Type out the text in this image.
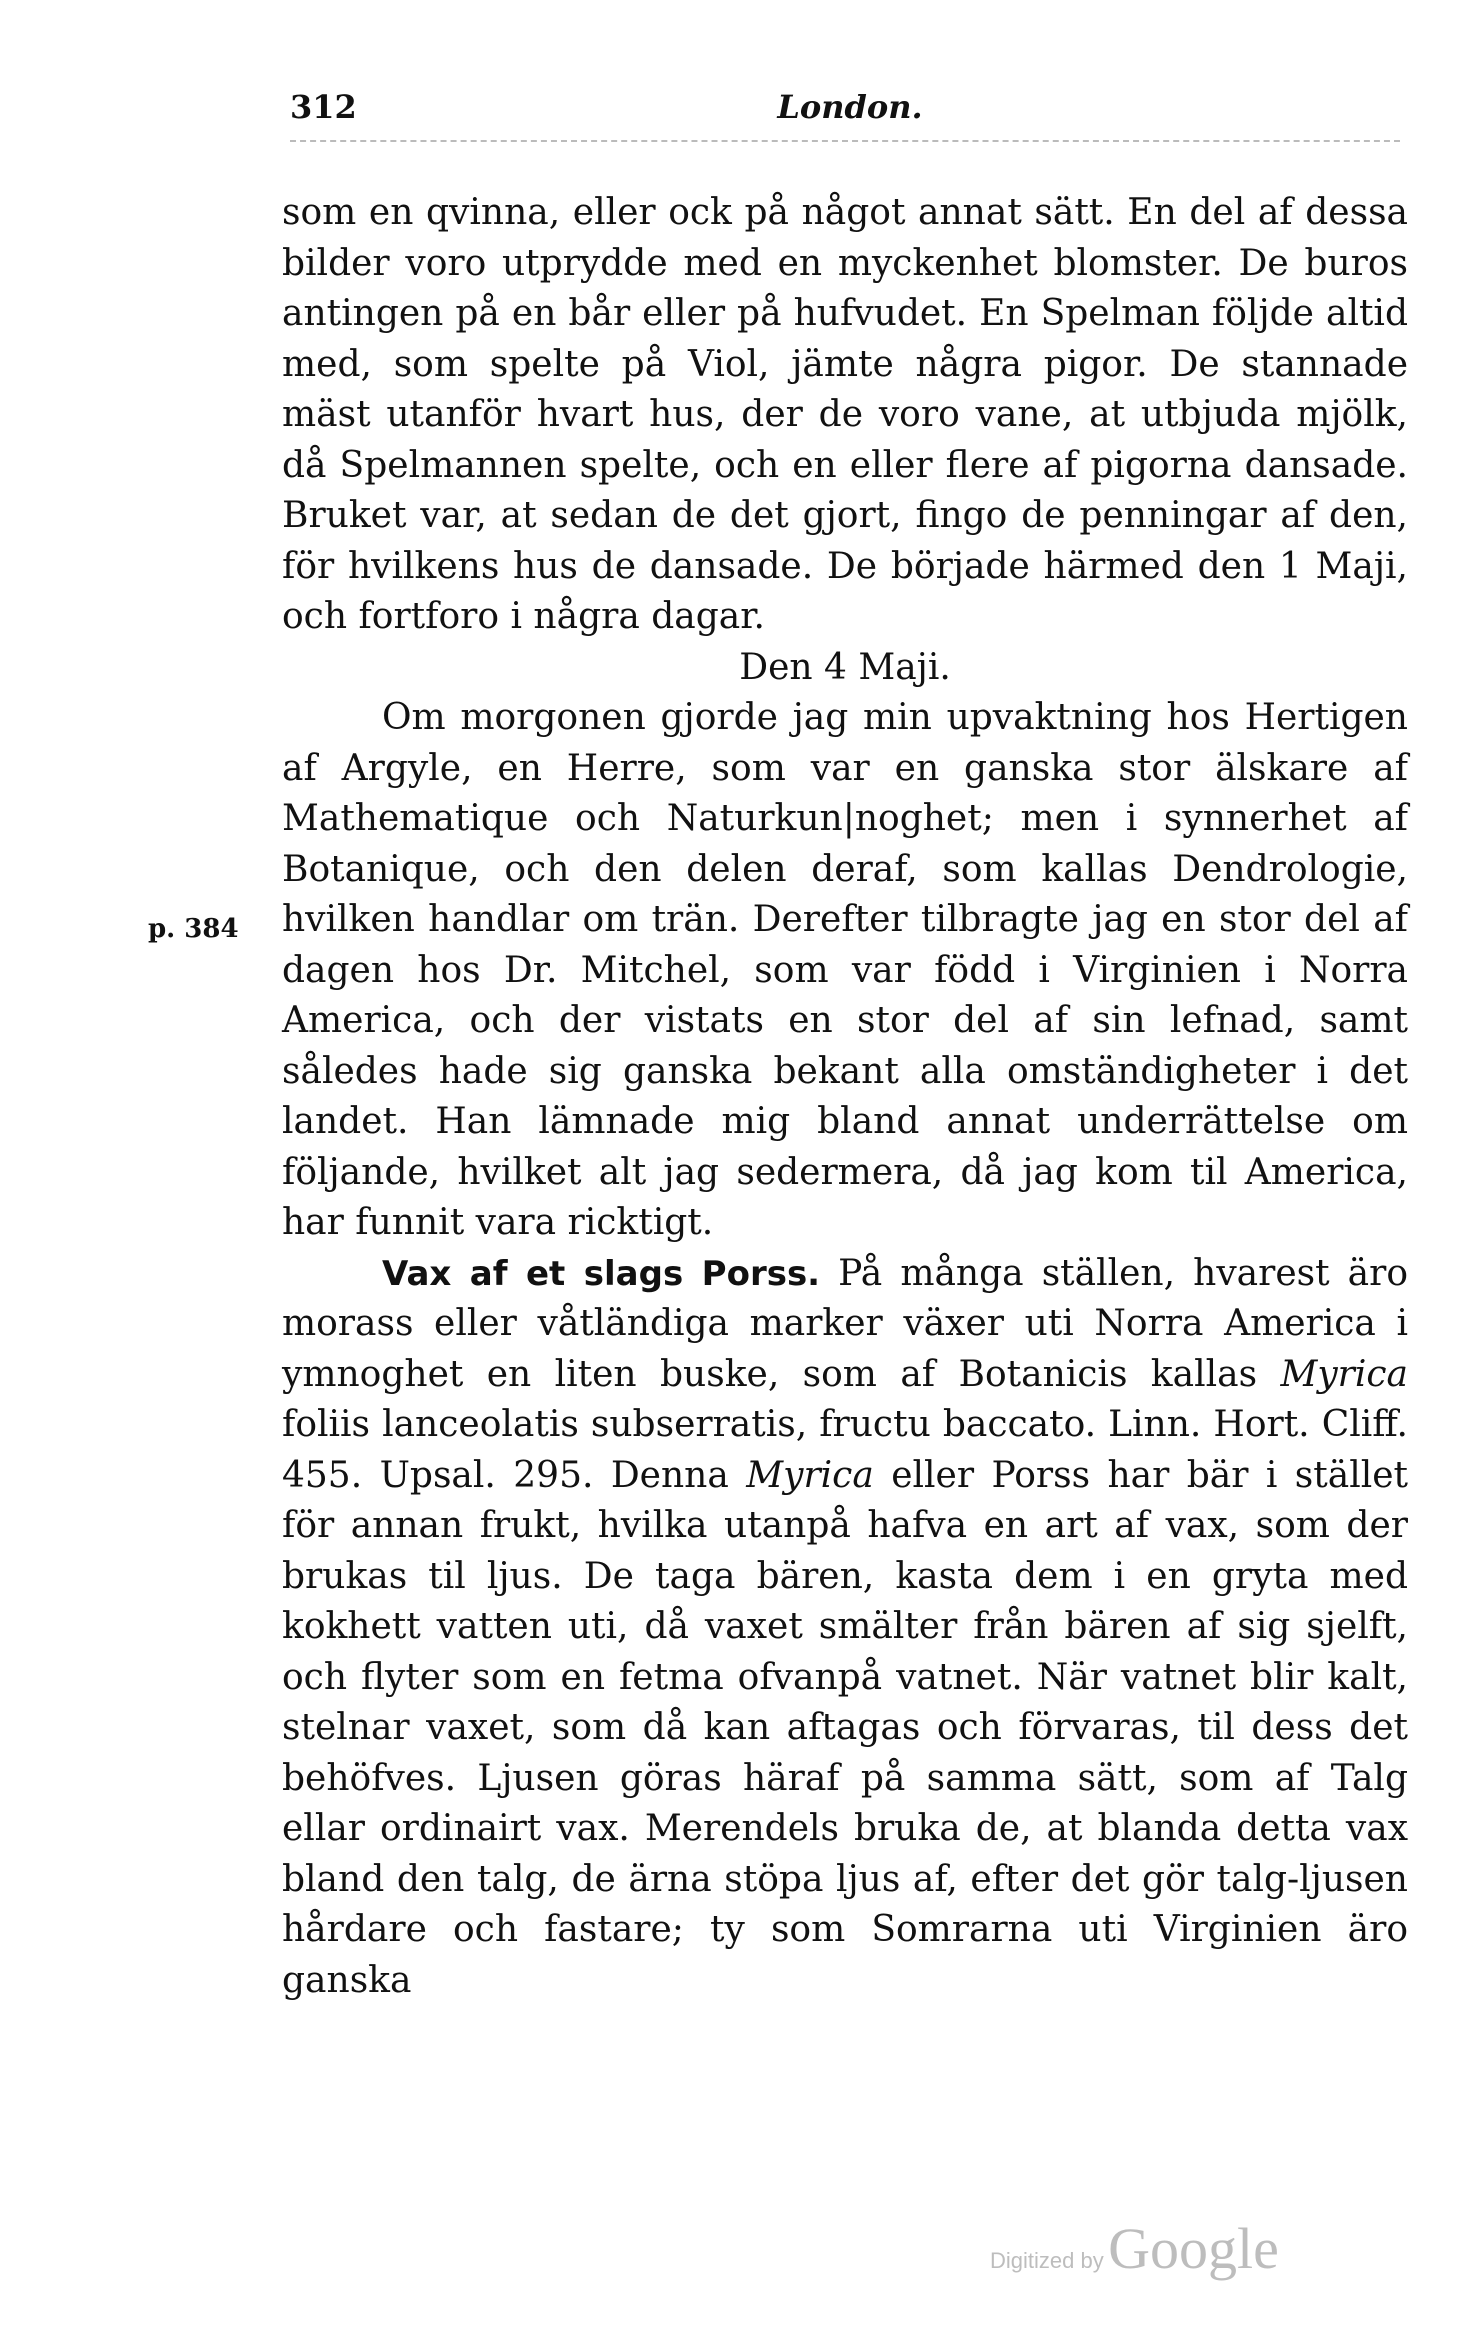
312	London.
p. 384

som en qvinna, eller ock på något annat sätt. En del af dessa bilder voro utprydde med en myckenhet blomster. De buros antingen på en bår eller på hufvudet. En Spelman följde altid med, som spelte på Viol, jämte några pigor. De stannade mäst utanför hvart hus, der de voro vane, at utbjuda mjölk, då Spelmannen spelte, och en eller flere af pigorna dansade. Bruket var, at sedan de det gjort, fingo de penningar af den, för hvilkens hus de dansade. De började härmed den 1 Maji, och fortforo i några dagar.

Den 4 Maji.

Om morgonen gjorde jag min upvaktning hos Hertigen af Argyle, en Herre, som var en ganska stor älskare af Mathematique och Naturkun|noghet; men i synnerhet af Botanique, och den delen deraf, som kallas Dendrologie, hvilken handlar om trän. Derefter tilbragte jag en stor del af dagen hos Dr. Mitchel, som var född i Virginien i Norra America, och der vistats en stor del af sin lefnad, samt således hade sig ganska bekant alla omständigheter i det landet. Han lämnade mig bland annat underrättelse om följande, hvilket alt jag sedermera, då jag kom til America, har funnit vara ricktigt.

Vax af et slags Porss. På många ställen, hvarest äro morass eller våtländiga marker växer uti Norra America i ymnoghet en liten buske, som af Botanicis kallas Myrica foliis lanceolatis subserratis, fructu baccato. Linn. Hort. Cliff. 455. Upsal. 295. Denna Myrica eller Porss har bär i stället för annan frukt, hvilka utanpå hafva en art af vax, som der brukas til ljus. De taga bären, kasta dem i en gryta med kokhett vatten uti, då vaxet smälter från bären af sig sjelft, och flyter som en fetma ofvanpå vatnet. När vatnet blir kalt, stelnar vaxet, som då kan aftagas och förvaras, til dess det behöfves. Ljusen göras häraf på samma sätt, som af Talg ellar ordinairt vax. Merendels bruka de, at blanda detta vax bland den talg, de ärna stöpa ljus af, efter det gör talg-ljusen hårdare och fastare; ty som Somrarna uti Virginien äro ganska

Digitized by Google
